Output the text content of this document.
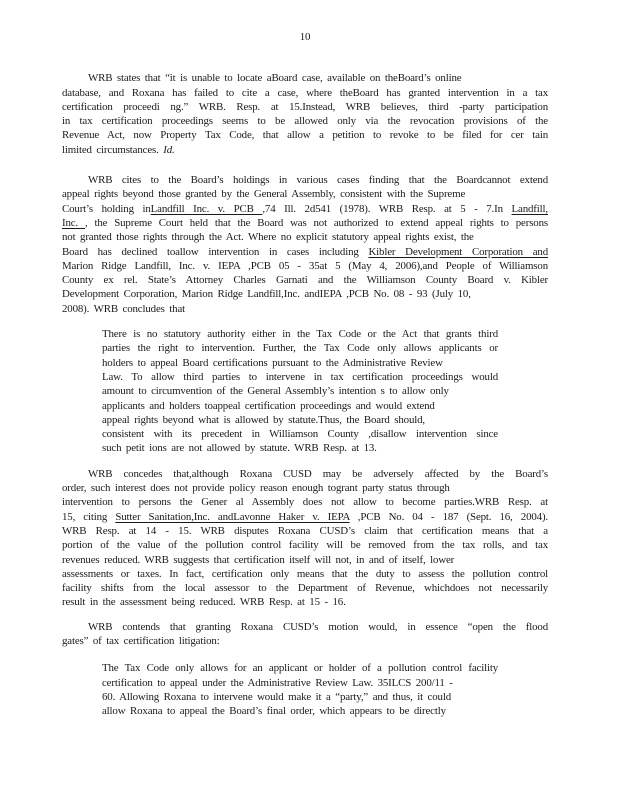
10
WRB states that “it is unable to locate aBoard case, available on theBoard’s online
database, and Roxana has failed to cite a case, where theBoard has granted intervention in a tax
certification proceedi ng.” WRB. Resp. at 15.Instead, WRB believes, third -party participation
in tax certification proceedings seems to be allowed only via the revocation provisions of the
Revenue Act, now Property Tax Code, that allow a petition to revoke to be filed for cer tain
limited circumstances. Id.
WRB cites to the Board’s holdings in various cases finding that the Boardcannot extend
appeal rights beyond those granted by the General Assembly, consistent with the Supreme
Court’s holding inLandfill Inc. v. PCB ,74 Ill. 2d541 (1978). WRB Resp. at 5 - 7.In Landfill,
Inc. , the Supreme Court held that the Board was not authorized to extend appeal rights to persons
not granted those rights through the Act. Where no explicit statutory appeal rights exist, the
Board has declined toallow intervention in cases including Kibler Development Corporation and
Marion Ridge Landfill, Inc. v. IEPA ,PCB 05 - 35at 5 (May 4, 2006),and People of Williamson
County ex rel. State’s Attorney Charles Garnati and the Williamson County Board v. Kibler
Development Corporation, Marion Ridge Landfill,Inc. andIEPA ,PCB No. 08 - 93 (July 10,
2008). WRB concludes that
There is no statutory authority either in the Tax Code or the Act that grants third
parties the right to intervention. Further, the Tax Code only allows applicants or
holders to appeal Board certifications pursuant to the Administrative Review
Law. To allow third parties to intervene in tax certification proceedings would
amount to circumvention of the General Assembly’s intention s to allow only
applicants and holders toappeal certification proceedings and would extend
appeal rights beyond what is allowed by statute.Thus, the Board should,
consistent with its precedent in Williamson County ,disallow intervention since
such petit ions are not allowed by statute. WRB Resp. at 13.
WRB concedes that,although Roxana CUSD may be adversely affected by the Board’s
order, such interest does not provide policy reason enough togrant party status through
intervention to persons the Gener al Assembly does not allow to become parties.WRB Resp. at
15, citing Sutter Sanitation,Inc. andLavonne Haker v. IEPA ,PCB No. 04 - 187 (Sept. 16, 2004).
WRB Resp. at 14 - 15. WRB disputes Roxana CUSD’s claim that certification means that a
portion of the value of the pollution control facility will be removed from the tax rolls, and tax
revenues reduced. WRB suggests that certification itself will not, in and of itself, lower
assessments or taxes. In fact, certification only means that the duty to assess the pollution control
facility shifts from the local assessor to the Department of Revenue, whichdoes not necessarily
result in the assessment being reduced. WRB Resp. at 15 - 16.
WRB contends that granting Roxana CUSD’s motion would, in essence “open the flood
gates” of tax certification litigation:
The Tax Code only allows for an applicant or holder of a pollution control facility
certification to appeal under the Administrative Review Law. 35ILCS 200/11 -
60. Allowing Roxana to intervene would make it a “party,” and thus, it could
allow Roxana to appeal the Board’s final order, which appears to be directly
